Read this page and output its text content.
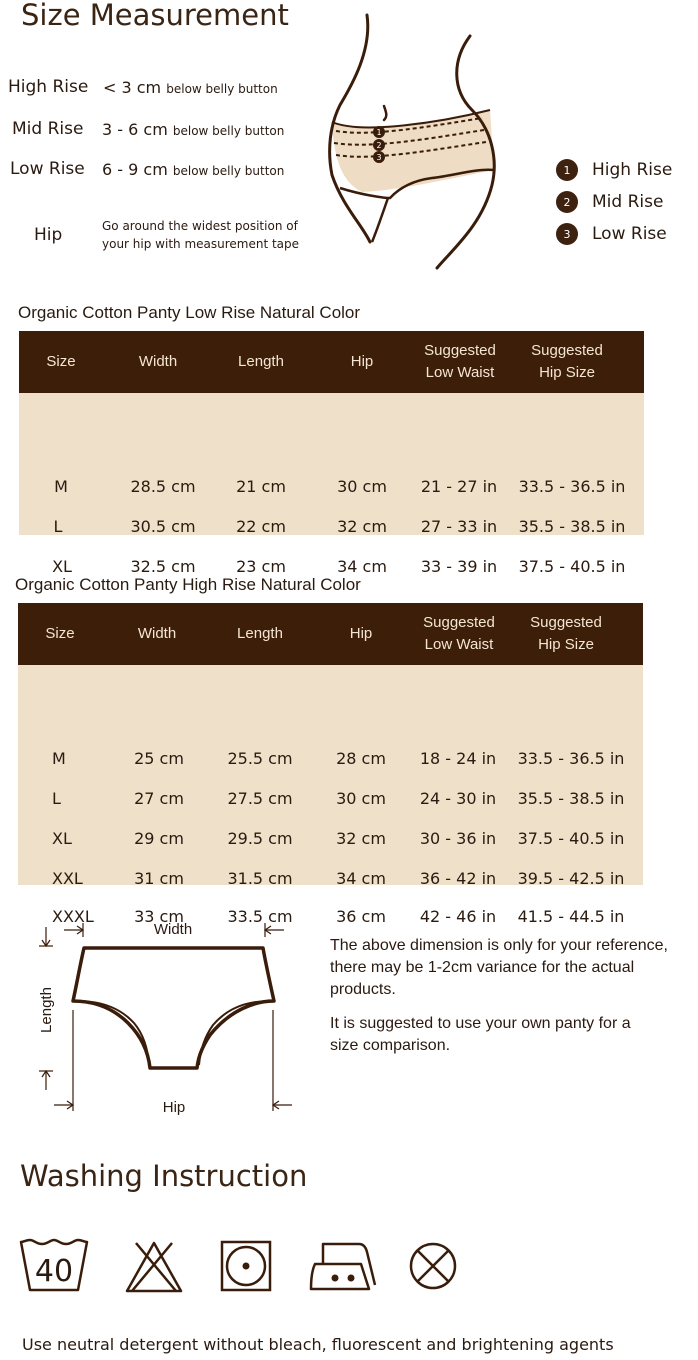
Size Measurement
High Rise < 3 cm below belly button
Mid Rise 3 - 6 cm below belly button
Low Rise 6 - 9 cm below belly button
Hip	Go around the widest position of
your hip with measurement tape
1
2
3
1	High Rise
2	Mid Rise
3	Low Rise
Organic Cotton Panty Low Rise Natural Color
Size	Width	Length	Hip
Suggested
Low Waist
Suggested
Hip Size
M	28.5 cm	21 cm	30 cm 21 - 27 in 33.5 - 36.5 in
L	30.5 cm	22 cm	32 cm 27 - 33 in 35.5 - 38.5 in
XL	32.5 cm	23 cm	34 cm 33 - 39 in 37.5 - 40.5 in
Organic Cotton Panty High Rise Natural Color
Size	Width	Length	Hip
Suggested
Low Waist
Suggested
Hip Size
M	25 cm	25.5 cm	28 cm 18 - 24 in 33.5 - 36.5 in
L	27 cm	27.5 cm	30 cm 24 - 30 in 35.5 - 38.5 in
XL	29 cm	29.5 cm	32 cm 30 - 36 in 37.5 - 40.5 in
XXL	31 cm	31.5 cm	34 cm 36 - 42 in 39.5 - 42.5 in
XXXL	33 cm	33.5 cm	36 cm 42 - 46 in 41.5 - 44.5 in
Width
Hip
Length

The above dimension is only for your reference, there may be 1-2cm variance for the actual products.

It is suggested to use your own panty for a size comparison.

Washing Instruction
40
Use neutral detergent without bleach, fluorescent and brightening agents
